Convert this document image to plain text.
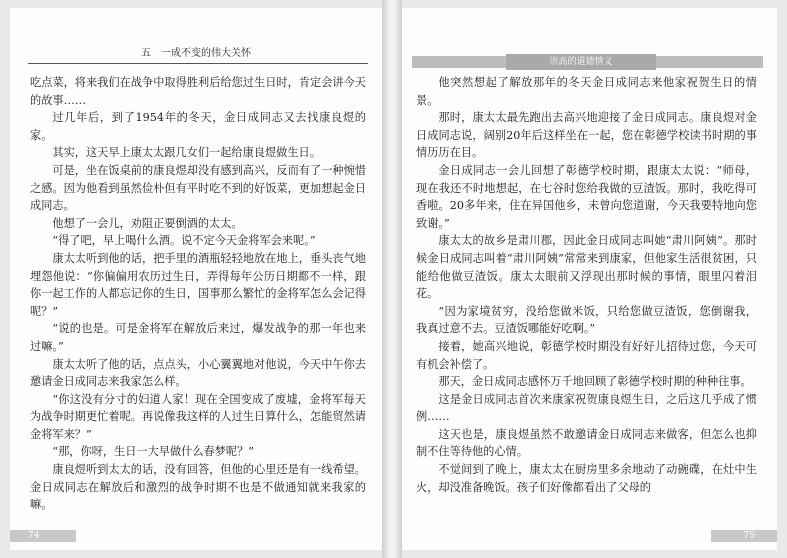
五　一成不变的伟大关怀

吃点菜，将来我们在战争中取得胜利后给您过生日时，肯定会讲今天的故事……

过几年后，到了1954年的冬天，金日成同志又去找康良煜的家。

其实，这天早上康太太跟几女们一起给康良煜做生日。

可是，坐在饭桌前的康良煜却没有感到高兴，反而有了一种惋惜之感。因为他看到虽然俭朴但有平时吃不到的好饭菜，更加想起金日成同志。

他想了一会儿，劝阻正要倒酒的太太。

“得了吧，早上喝什么酒。说不定今天金将军会来呢。”

康太太听到他的话，把手里的酒瓶轻轻地放在地上，垂头丧气地埋怨他说：“你偏偏用农历过生日，弄得每年公历日期都不一样，跟你一起工作的人都忘记你的生日，国事那么繁忙的金将军怎么会记得呢？”

“说的也是。可是金将军在解放后来过，爆发战争的那一年也来过嘛。”

康太太听了他的话，点点头，小心翼翼地对他说，今天中午你去邀请金日成同志来我家怎么样。

“你这没有分寸的妇道人家！现在全国变成了废墟，金将军每天为战争时期更忙着呢。再说像我这样的人过生日算什么，怎能贸然请金将军来？”

“那，你呀，生日一大早做什么春梦呢？”

康良煜听到太太的话，没有回答，但他的心里还是有一线希望。金日成同志在解放后和激烈的战争时期不也是不做通知就来我家的嘛。

74
崇高的道德情义

他突然想起了解放那年的冬天金日成同志来他家祝贺生日的情景。

那时，康太太最先跑出去高兴地迎接了金日成同志。康良煜对金日成同志说，阔别20年后这样坐在一起，您在彰德学校读书时期的事情历历在目。

金日成同志一会儿回想了彰德学校时期，跟康太太说：“师母，现在我还不时地想起，在七谷时您给我做的豆渣饭。那时，我吃得可香啦。20多年来，住在异国他乡，未曾向您道谢，今天我要特地向您致谢。”

康太太的故乡是肃川郡，因此金日成同志叫她“肃川阿姨”。那时候金日成同志叫着“肃川阿姨”常常来到康家，但他家生活很贫困，只能给他做豆渣饭。康太太眼前又浮现出那时候的事情，眼里闪着泪花。

“因为家境贫穷，没给您做米饭，只给您做豆渣饭，您倒谢我，我真过意不去。豆渣饭哪能好吃啊。”

接着，她高兴地说，彰德学校时期没有好好儿招待过您，今天可有机会补偿了。

那天，金日成同志感怀万千地回顾了彰德学校时期的种种往事。

这是金日成同志首次来康家祝贺康良煜生日，之后这几乎成了惯例……

这天也是，康良煜虽然不敢邀请金日成同志来做客，但怎么也抑制不住等待他的心情。

不觉间到了晚上，康太太在厨房里多余地动了动碗碟，在灶中生火，却没准备晚饭。孩子们好像都看出了父母的

75
